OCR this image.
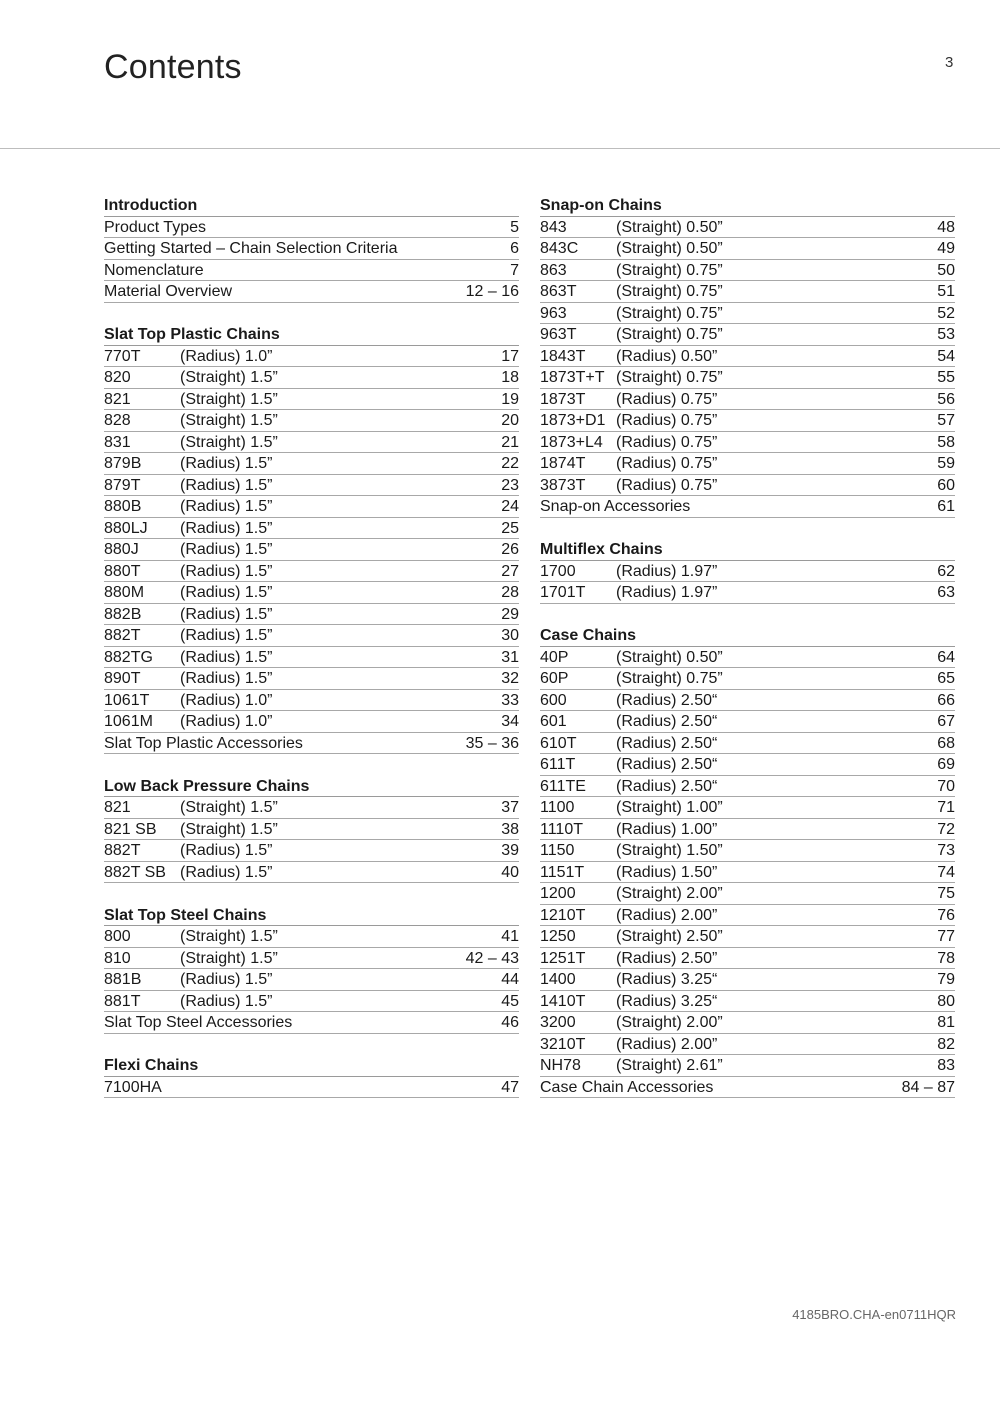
Contents	3
Introduction
Product Types	5
Getting Started – Chain Selection Criteria	6
Nomenclature	7
Material Overview	12 – 16
Slat Top Plastic Chains
770T	(Radius) 1.0”	17
820	(Straight) 1.5”	18
821	(Straight) 1.5”	19
828	(Straight) 1.5”	20
831	(Straight) 1.5”	21
879B	(Radius) 1.5”	22
879T	(Radius) 1.5”	23
880B	(Radius) 1.5”	24
880LJ	(Radius) 1.5”	25
880J	(Radius) 1.5”	26
880T	(Radius) 1.5”	27
880M	(Radius) 1.5”	28
882B	(Radius) 1.5”	29
882T	(Radius) 1.5”	30
882TG	(Radius) 1.5”	31
890T	(Radius) 1.5”	32
1061T	(Radius) 1.0”	33
1061M	(Radius) 1.0”	34
Slat Top Plastic Accessories	35 – 36
Low Back Pressure Chains
821	(Straight) 1.5”	37
821 SB	(Straight) 1.5”	38
882T	(Radius) 1.5”	39
882T SB (Radius) 1.5”	40
Slat Top Steel Chains
800	(Straight) 1.5”	41
810	(Straight) 1.5”	42 – 43
881B	(Radius) 1.5”	44
881T	(Radius) 1.5”	45
Slat Top Steel Accessories	46
Flexi Chains
7100HA	47
Snap-on Chains
843	(Straight) 0.50”	48
843C	(Straight) 0.50”	49
863	(Straight) 0.75”	50
863T	(Straight) 0.75”	51
963	(Straight) 0.75”	52
963T	(Straight) 0.75”	53
1843T	(Radius) 0.50”	54
1873T+T (Straight) 0.75”	55
1873T	(Radius) 0.75”	56
1873+D1 (Radius) 0.75”	57
1873+L4 (Radius) 0.75”	58
1874T	(Radius) 0.75”	59
3873T	(Radius) 0.75”	60
Snap-on Accessories	61
Multiflex Chains
1700	(Radius) 1.97”	62
1701T	(Radius) 1.97”	63
Case Chains
40P	(Straight) 0.50”	64
60P	(Straight) 0.75”	65
600	(Radius) 2.50“	66
601	(Radius) 2.50“	67
610T	(Radius) 2.50“	68
611T	(Radius) 2.50“	69
611TE	(Radius) 2.50“	70
1100	(Straight) 1.00”	71
1110T	(Radius) 1.00”	72
1150	(Straight) 1.50”	73
1151T	(Radius) 1.50”	74
1200	(Straight) 2.00”	75
1210T	(Radius) 2.00”	76
1250	(Straight) 2.50”	77
1251T	(Radius) 2.50”	78
1400	(Radius) 3.25“	79
1410T	(Radius) 3.25“	80
3200	(Straight) 2.00”	81
3210T	(Radius) 2.00”	82
NH78	(Straight) 2.61”	83
Case Chain Accessories	84 – 87
4185BRO.CHA-en0711HQR
